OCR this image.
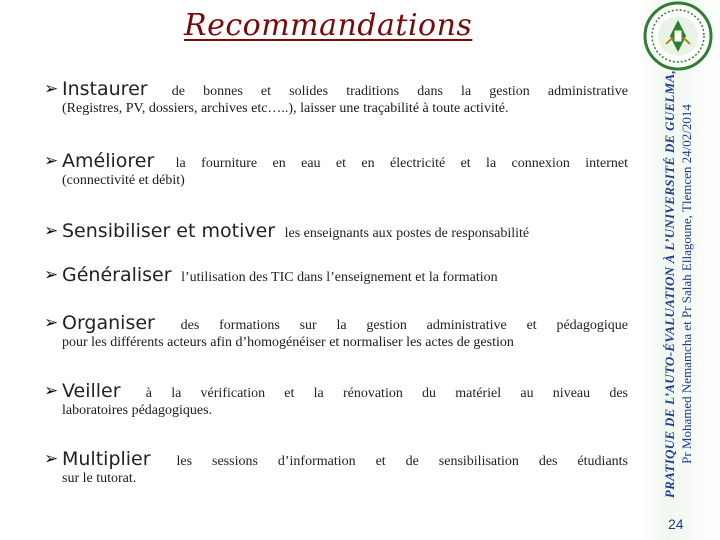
Recommandations
➢ Instaurer de bonnes et solides traditions dans la gestion administrative
(Registres, PV, dossiers, archives etc…..), laisser une traçabilité à toute activité.
➢ Améliorer la fourniture en eau et en électricité et la connexion internet
(connectivité et débit)
➢ Sensibiliser et motiver les enseignants aux postes de responsabilité
➢ Généraliser l’utilisation des TIC dans l’enseignement et la formation
➢ Organiser des formations sur la gestion administrative et pédagogique
pour les différents acteurs afin d’homogénéiser et normaliser les actes de gestion
➢ Veiller à la vérification et la rénovation du matériel au niveau des
laboratoires pédagogiques.
➢ Multiplier les sessions d’information et de sensibilisation des étudiants
sur le tutorat.	PRATIQUE DE L’AUTO-ÉVALUATION À L’UNIVERSITÉ DE GUELMA, Pr Mohamed Nemamcha et Pr Salah Ellagoune, Tlemcen 24/02/2014
24
